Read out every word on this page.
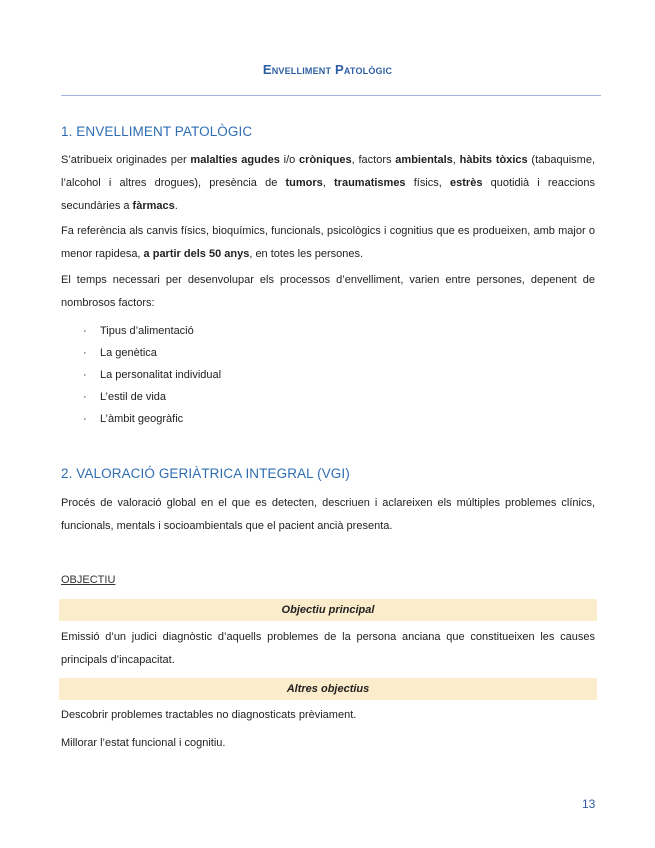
Envelliment Patològic
1. ENVELLIMENT PATOLÒGIC
S’atribueix originades per malalties agudes i/o cròniques, factors ambientals, hàbits tòxics (tabaquisme, l’alcohol i altres drogues), presència de tumors, traumatismes físics, estrès quotidià i reaccions secundàries a fàrmacs.
Fa referència als canvis físics, bioquímics, funcionals, psicològics i cognitius que es produeixen, amb major o menor rapidesa, a partir dels 50 anys, en totes les persones.
El temps necessari per desenvolupar els processos d’envelliment, varien entre persones, depenent de nombrosos factors:
· Tipus d’alimentació
· La genètica
· La personalitat individual
· L’estil de vida
· L’àmbit geogràfic
2. VALORACIÓ GERIÀTRICA INTEGRAL (VGI)
Procés de valoració global en el que es detecten, descriuen i aclareixen els múltiples problemes clínics, funcionals, mentals i socioambientals que el pacient ancià presenta.
OBJECTIU
Objectiu principal
Emissió d’un judici diagnòstic d’aquells problemes de la persona anciana que constitueixen les causes principals d’incapacitat.
Altres objectius
Descobrir problemes tractables no diagnosticats prèviament.
Millorar l’estat funcional i cognitiu.
13
